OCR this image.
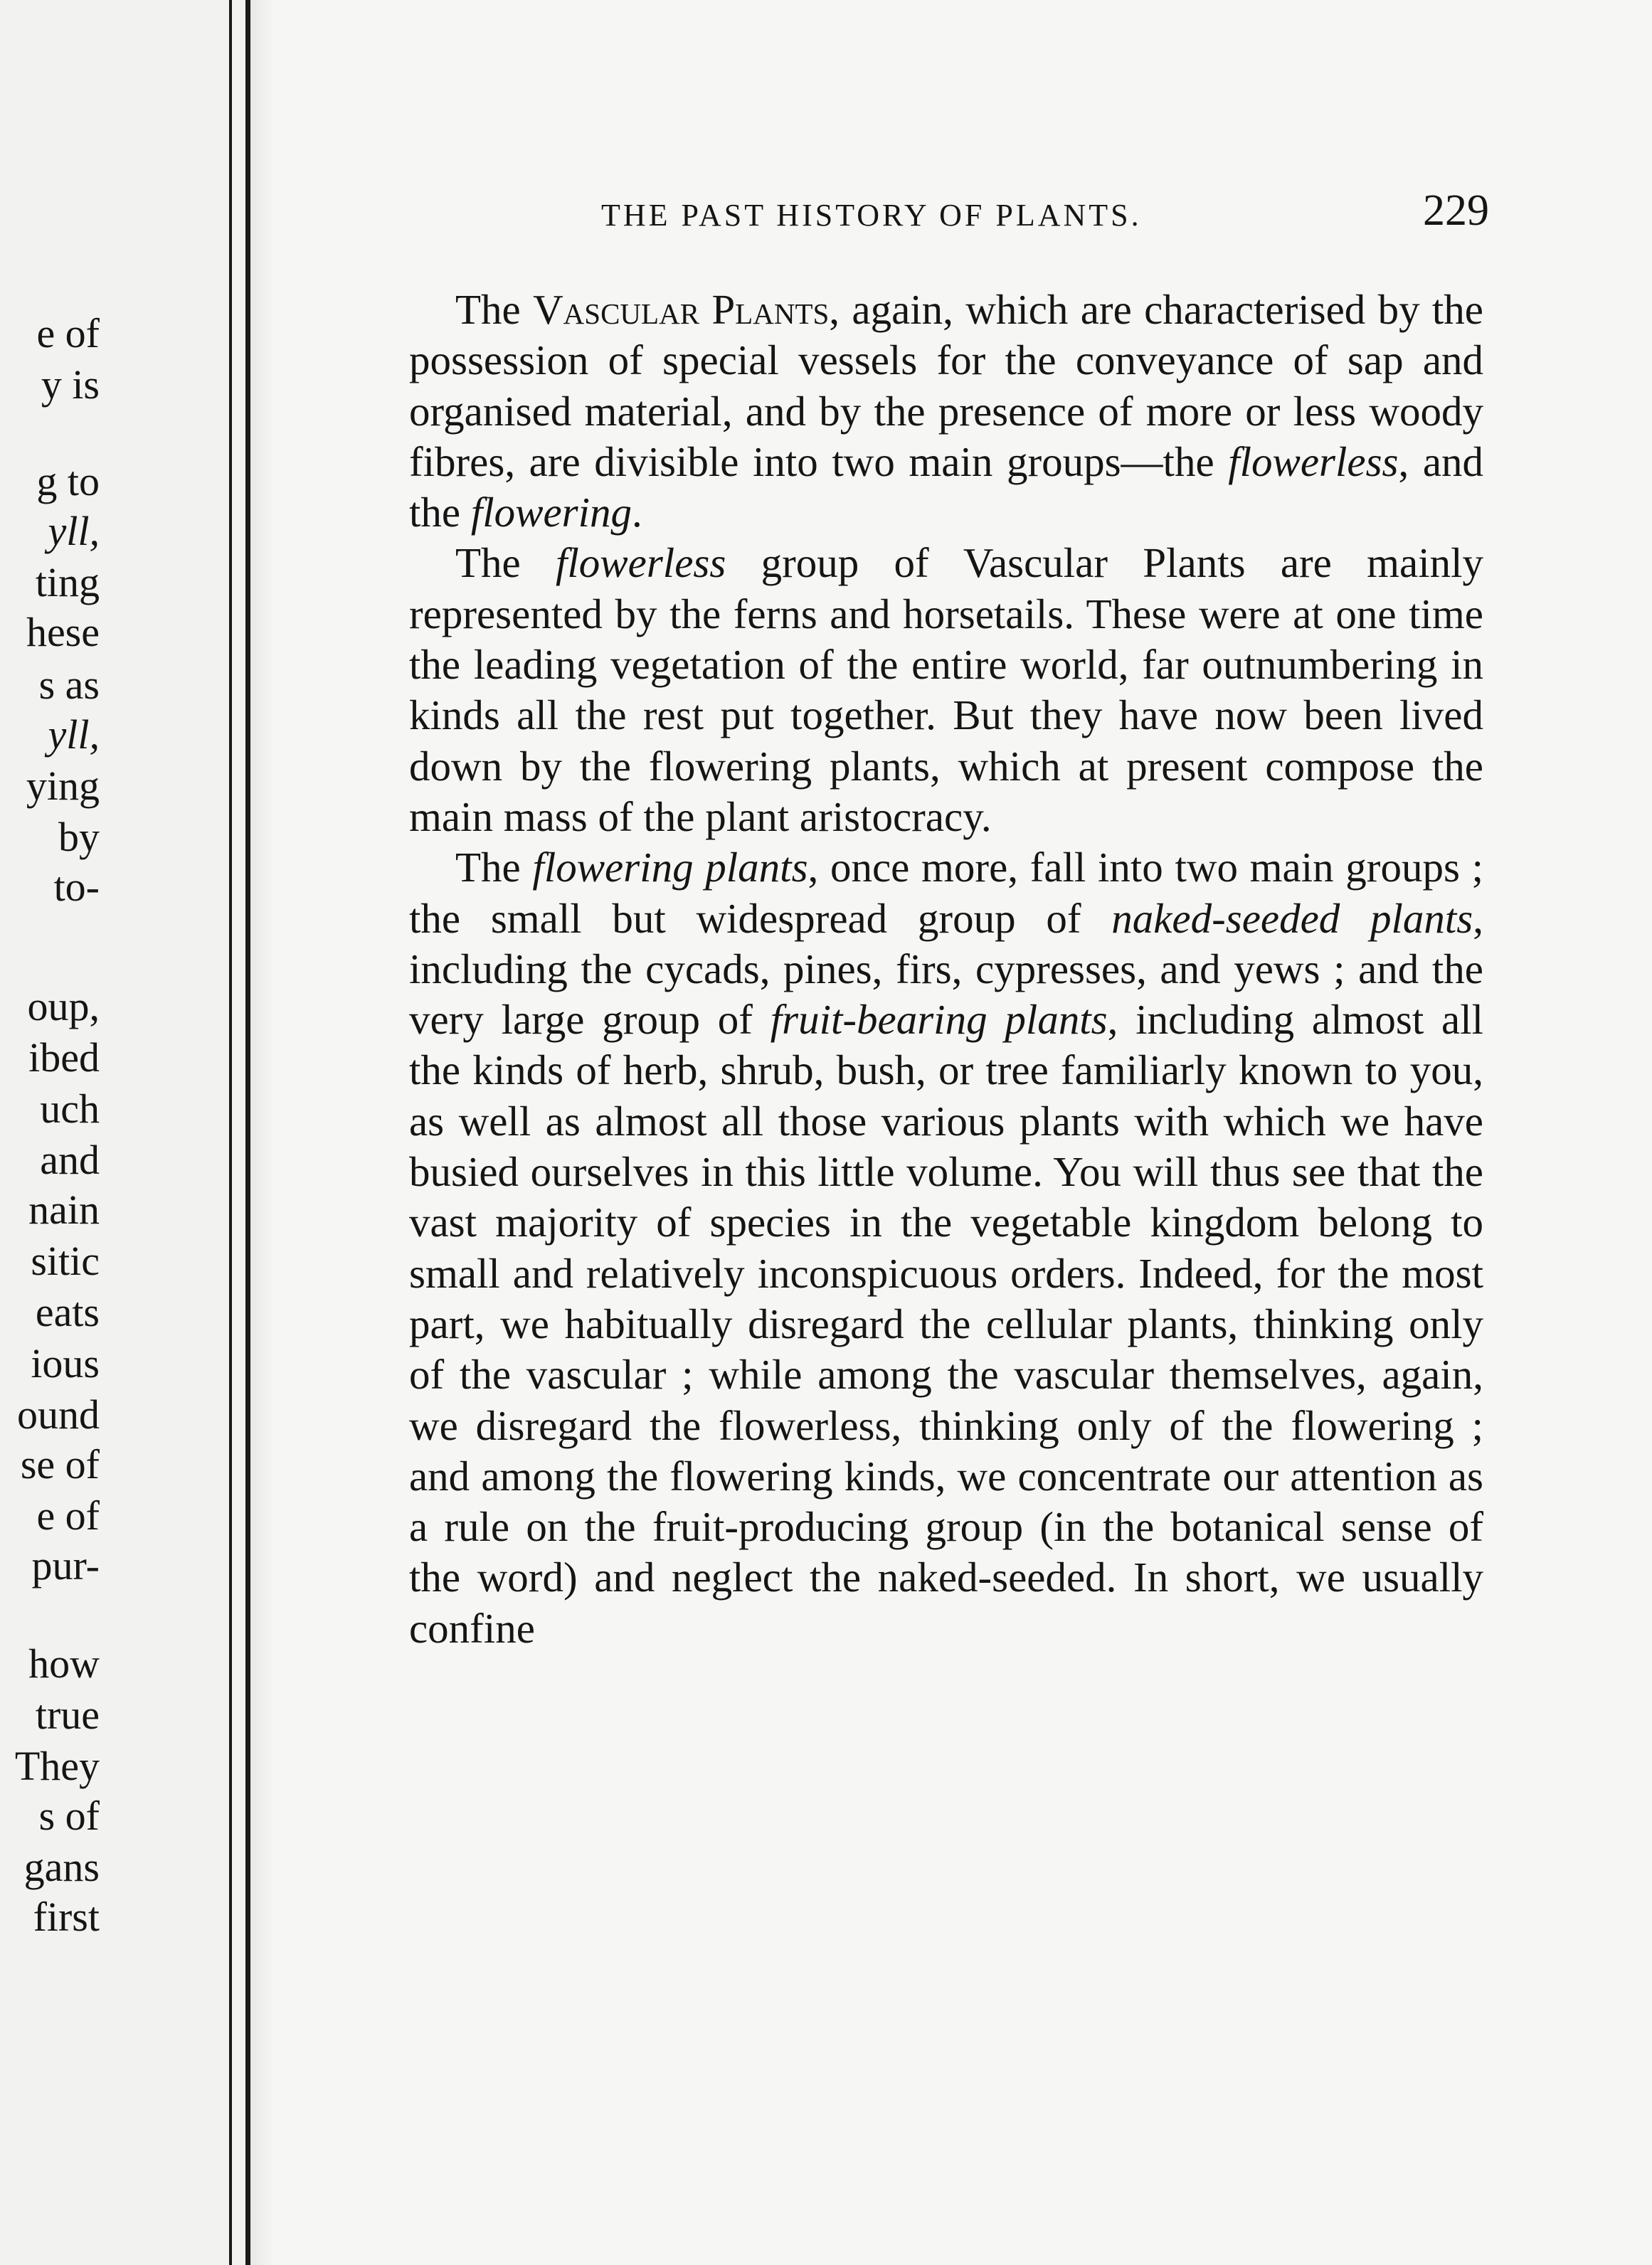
e of
y is
g to
yll,
ting
hese
s as
yll,
ying
by
to-
oup,
ibed
uch
and
nain
sitic
eats
ious
ound
se of
e of
pur-
how
true
They
s of
gans
first
THE PAST HISTORY OF PLANTS.	229

The Vascular Plants, again, which are characterised by the possession of special vessels for the conveyance of sap and organised material, and by the presence of more or less woody fibres, are divisible into two main groups—the flowerless, and the flowering.

The flowerless group of Vascular Plants are mainly represented by the ferns and horsetails. These were at one time the leading vegetation of the entire world, far outnumbering in kinds all the rest put together. But they have now been lived down by the flowering plants, which at present compose the main mass of the plant aristocracy.

The flowering plants, once more, fall into two main groups ; the small but widespread group of naked-seeded plants, including the cycads, pines, firs, cypresses, and yews ; and the very large group of fruit-bearing plants, including almost all the kinds of herb, shrub, bush, or tree familiarly known to you, as well as almost all those various plants with which we have busied ourselves in this little volume. You will thus see that the vast majority of species in the vegetable kingdom belong to small and relatively inconspicuous orders. Indeed, for the most part, we habitually disregard the cellular plants, thinking only of the vascular ; while among the vascular themselves, again, we disregard the flowerless, thinking only of the flowering ; and among the flowering kinds, we concentrate our attention as a rule on the fruit-producing group (in the botanical sense of the word) and neglect the naked-seeded. In short, we usually confine
